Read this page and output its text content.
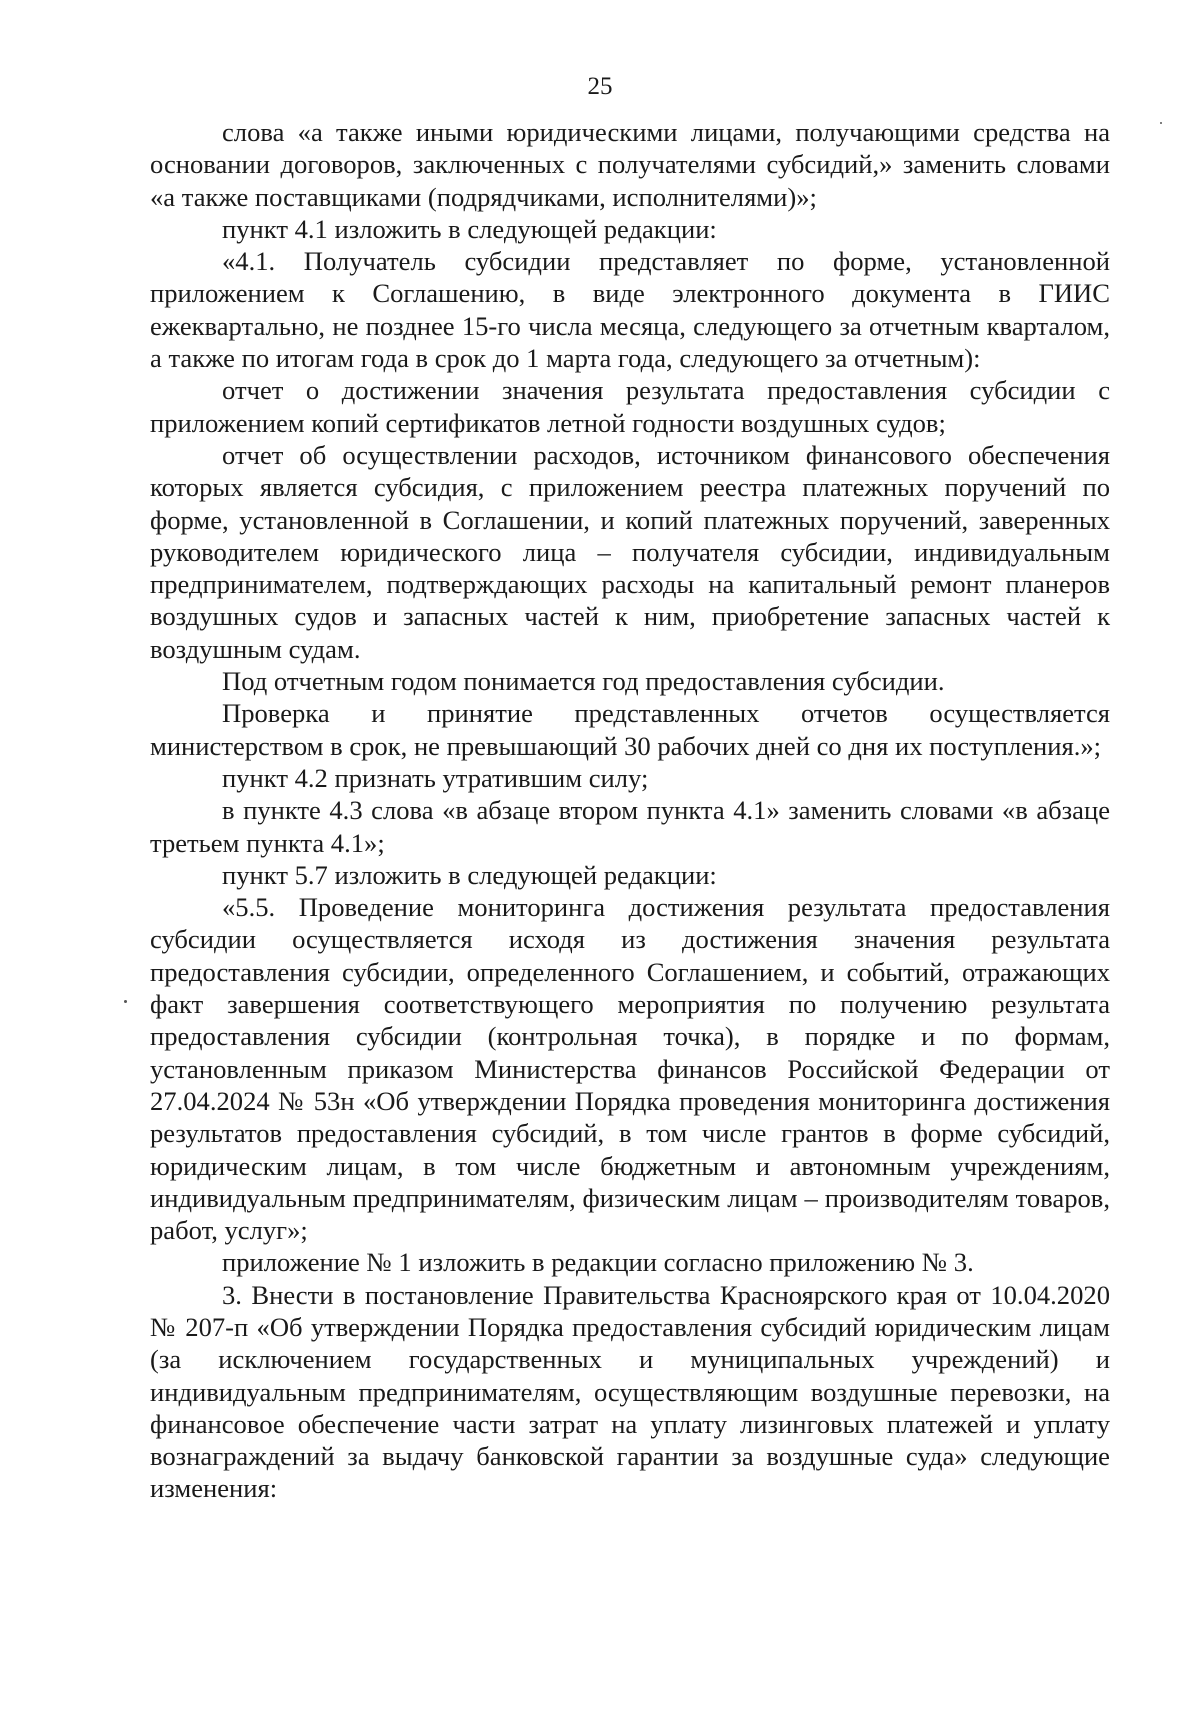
25

слова «а также иными юридическими лицами, получающими средства на основании договоров, заключенных с получателями субсидий,» заменить словами «а также поставщиками (подрядчиками, исполнителями)»;

пункт 4.1 изложить в следующей редакции:

«4.1. Получатель субсидии представляет по форме, установленной приложением к Соглашению, в виде электронного документа в ГИИС ежеквартально, не позднее 15-го числа месяца, следующего за отчетным кварталом, а также по итогам года в срок до 1 марта года, следующего за отчетным):

отчет о достижении значения результата предоставления субсидии с приложением копий сертификатов летной годности воздушных судов;

отчет об осуществлении расходов, источником финансового обеспечения которых является субсидия, с приложением реестра платежных поручений по форме, установленной в Соглашении, и копий платежных поручений, заверенных руководителем юридического лица – получателя субсидии, индивидуальным предпринимателем, подтверждающих расходы на капитальный ремонт планеров воздушных судов и запасных частей к ним, приобретение запасных частей к воздушным судам.

Под отчетным годом понимается год предоставления субсидии.

Проверка и принятие представленных отчетов осуществляется министерством в срок, не превышающий 30 рабочих дней со дня их поступления.»;

пункт 4.2 признать утратившим силу;

в пункте 4.3 слова «в абзаце втором пункта 4.1» заменить словами «в абзаце третьем пункта 4.1»;

пункт 5.7 изложить в следующей редакции:

«5.5. Проведение мониторинга достижения результата предоставления субсидии осуществляется исходя из достижения значения результата предоставления субсидии, определенного Соглашением, и событий, отражающих факт завершения соответствующего мероприятия по получению результата предоставления субсидии (контрольная точка), в порядке и по формам, установленным приказом Министерства финансов Российской Федерации от 27.04.2024 № 53н «Об утверждении Порядка проведения мониторинга достижения результатов предоставления субсидий, в том числе грантов в форме субсидий, юридическим лицам, в том числе бюджетным и автономным учреждениям, индивидуальным предпринимателям, физическим лицам – производителям товаров, работ, услуг»;

приложение № 1 изложить в редакции согласно приложению № 3.

3. Внести в постановление Правительства Красноярского края от 10.04.2020 № 207-п «Об утверждении Порядка предоставления субсидий юридическим лицам (за исключением государственных и муниципальных учреждений) и индивидуальным предпринимателям, осуществляющим воздушные перевозки, на финансовое обеспечение части затрат на уплату лизинговых платежей и уплату вознаграждений за выдачу банковской гарантии за воздушные суда» следующие изменения:
